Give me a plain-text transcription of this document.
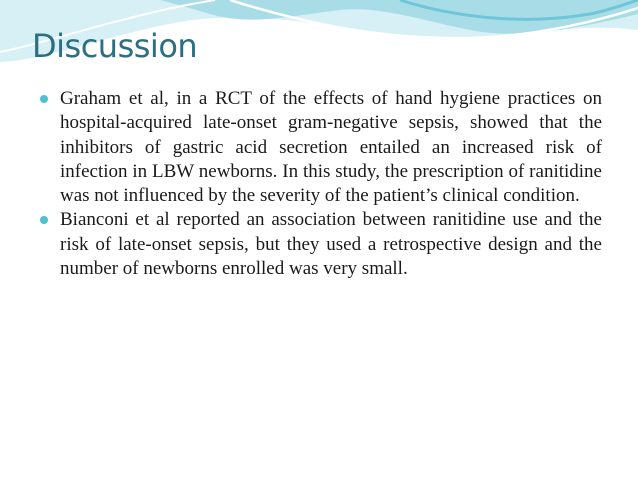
Discussion
Graham et al, in a RCT of the effects of hand hygiene practices on hospital-acquired late-onset gram-negative sepsis, showed that the inhibitors of gastric acid secretion entailed an increased risk of infection in LBW newborns. In this study, the prescription of ranitidine was not influenced by the severity of the patient’s clinical condition.
Bianconi et al reported an association between ranitidine use and the risk of late-onset sepsis, but they used a retrospective design and the number of newborns enrolled was very small.
